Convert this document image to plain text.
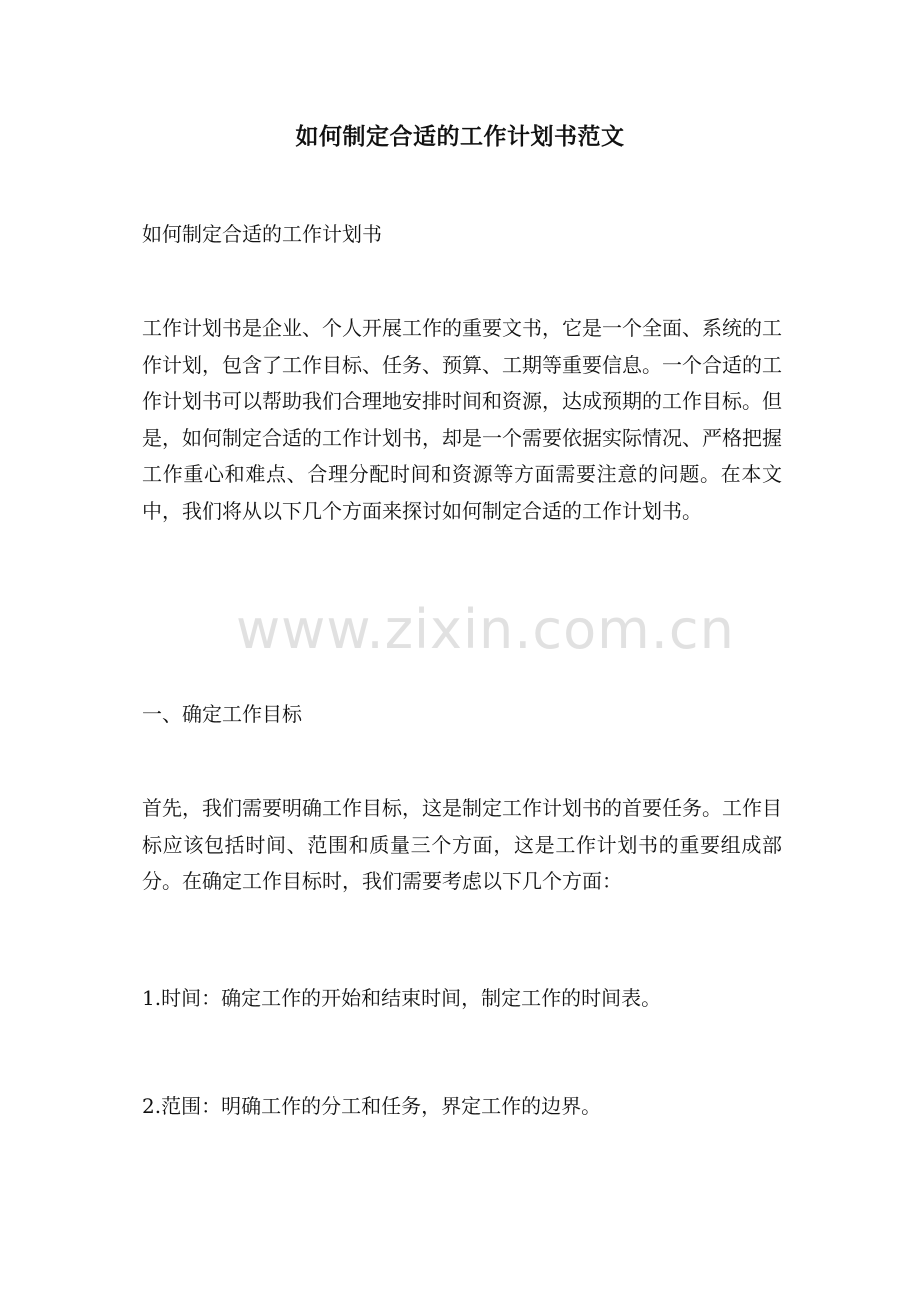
如何制定合适的工作计划书范文

如何制定合适的工作计划书

工作计划书是企业、个人开展工作的重要文书，它是一个全面、系统的工作计划，包含了工作目标、任务、预算、工期等重要信息。一个合适的工作计划书可以帮助我们合理地安排时间和资源，达成预期的工作目标。但是，如何制定合适的工作计划书，却是一个需要依据实际情况、严格把握工作重心和难点、合理分配时间和资源等方面需要注意的问题。在本文中，我们将从以下几个方面来探讨如何制定合适的工作计划书。

一、确定工作目标

首先，我们需要明确工作目标，这是制定工作计划书的首要任务。工作目标应该包括时间、范围和质量三个方面，这是工作计划书的重要组成部分。在确定工作目标时，我们需要考虑以下几个方面：

1.时间：确定工作的开始和结束时间，制定工作的时间表。

2.范围：明确工作的分工和任务，界定工作的边界。

www.zixin.com.cn
